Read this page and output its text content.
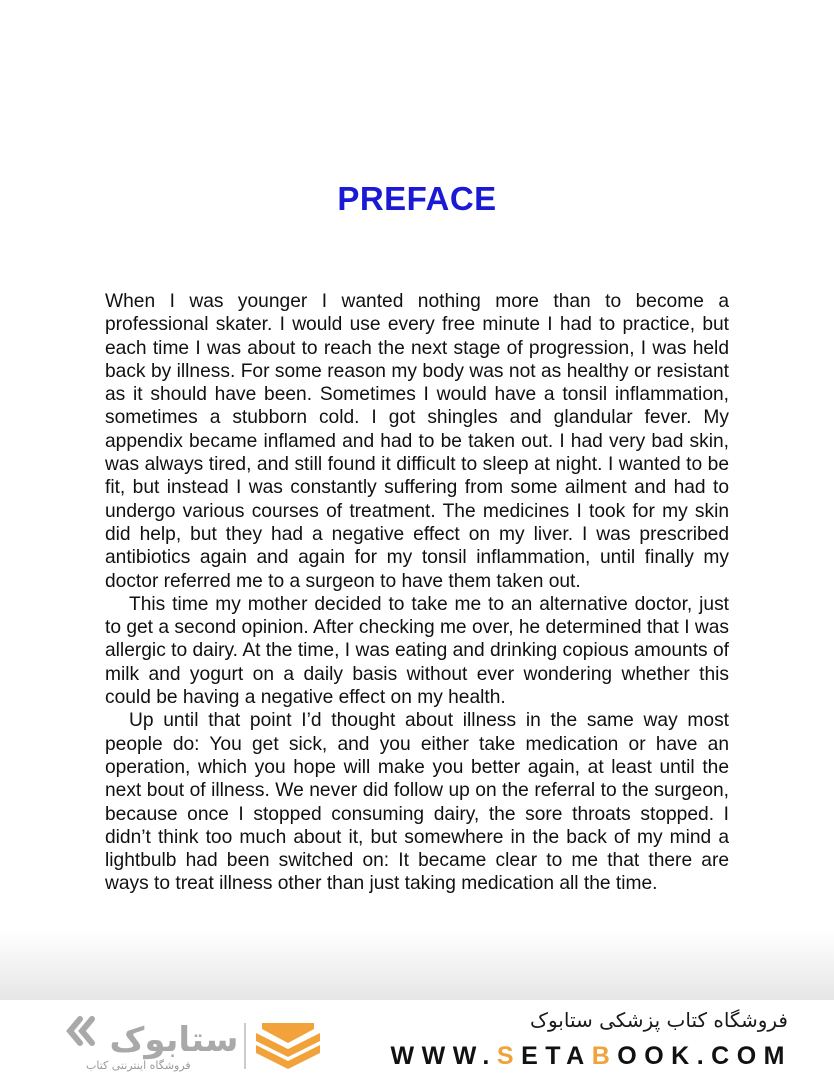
PREFACE

When I was younger I wanted nothing more than to become a professional skater. I would use every free minute I had to practice, but each time I was about to reach the next stage of progression, I was held back by illness. For some reason my body was not as healthy or resistant as it should have been. Sometimes I would have a tonsil inflammation, sometimes a stubborn cold. I got shingles and glandular fever. My appendix became inflamed and had to be taken out. I had very bad skin, was always tired, and still found it difficult to sleep at night. I wanted to be fit, but instead I was constantly suffering from some ailment and had to undergo various courses of treatment. The medicines I took for my skin did help, but they had a negative effect on my liver. I was prescribed antibiotics again and again for my tonsil inflammation, until finally my doctor referred me to a surgeon to have them taken out.

This time my mother decided to take me to an alternative doctor, just to get a second opinion. After checking me over, he determined that I was allergic to dairy. At the time, I was eating and drinking copious amounts of milk and yogurt on a daily basis without ever wondering whether this could be having a negative effect on my health.

Up until that point I’d thought about illness in the same way most people do: You get sick, and you either take medication or have an operation, which you hope will make you better again, at least until the next bout of illness. We never did follow up on the referral to the surgeon, because once I stopped consuming dairy, the sore throats stopped. I didn’t think too much about it, but somewhere in the back of my mind a lightbulb had been switched on: It became clear to me that there are ways to treat illness other than just taking medication all the time.

ستابوک
فروشگاه اینترنتی کتاب
فروشگاه کتاب پزشکی ستابوک
WWW.SETABOOK.COM
